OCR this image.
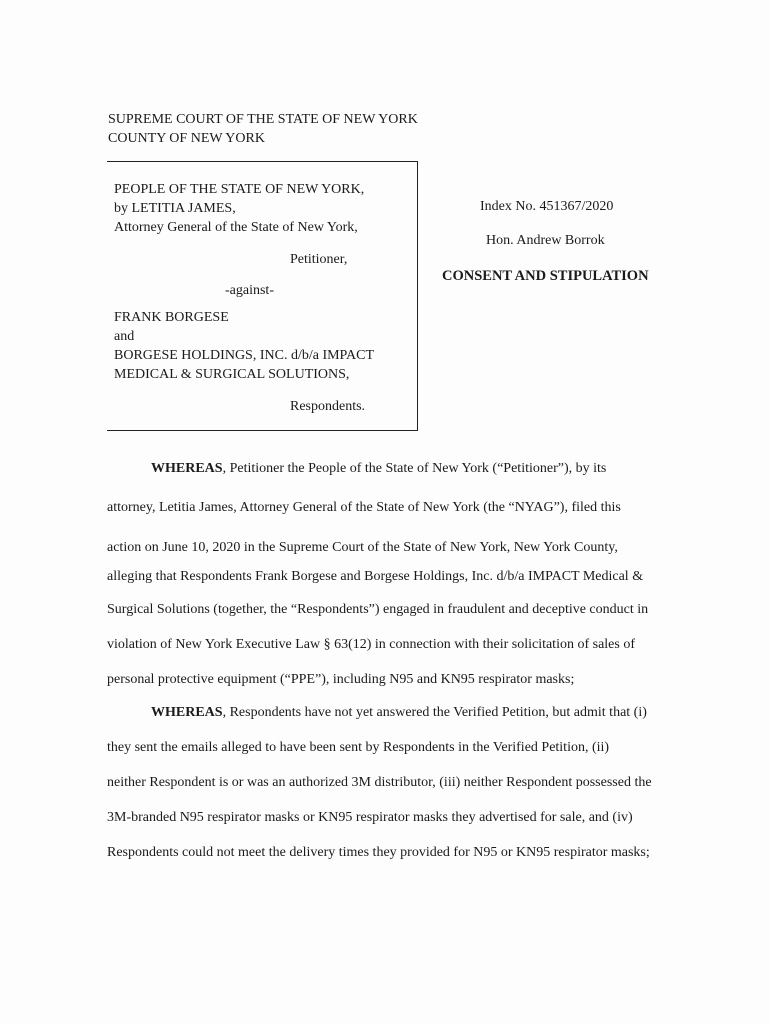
SUPREME COURT OF THE STATE OF NEW YORK
COUNTY OF NEW YORK
PEOPLE OF THE STATE OF NEW YORK,
by LETITIA JAMES,
Attorney General of the State of New York,
Petitioner,
-against-
FRANK BORGESE
and
BORGESE HOLDINGS, INC. d/b/a IMPACT
MEDICAL & SURGICAL SOLUTIONS,
Respondents.
Index No. 451367/2020
Hon. Andrew Borrok
CONSENT AND STIPULATION
WHEREAS, Petitioner the People of the State of New York (“Petitioner”), by its
attorney, Letitia James, Attorney General of the State of New York (the “NYAG”), filed this
action on June 10, 2020 in the Supreme Court of the State of New York, New York County,
alleging that Respondents Frank Borgese and Borgese Holdings, Inc. d/b/a IMPACT Medical &
Surgical Solutions (together, the “Respondents”) engaged in fraudulent and deceptive conduct in
violation of New York Executive Law § 63(12) in connection with their solicitation of sales of
personal protective equipment (“PPE”), including N95 and KN95 respirator masks;
WHEREAS, Respondents have not yet answered the Verified Petition, but admit that (i)
they sent the emails alleged to have been sent by Respondents in the Verified Petition, (ii)
neither Respondent is or was an authorized 3M distributor, (iii) neither Respondent possessed the
3M-branded N95 respirator masks or KN95 respirator masks they advertised for sale, and (iv)
Respondents could not meet the delivery times they provided for N95 or KN95 respirator masks;
